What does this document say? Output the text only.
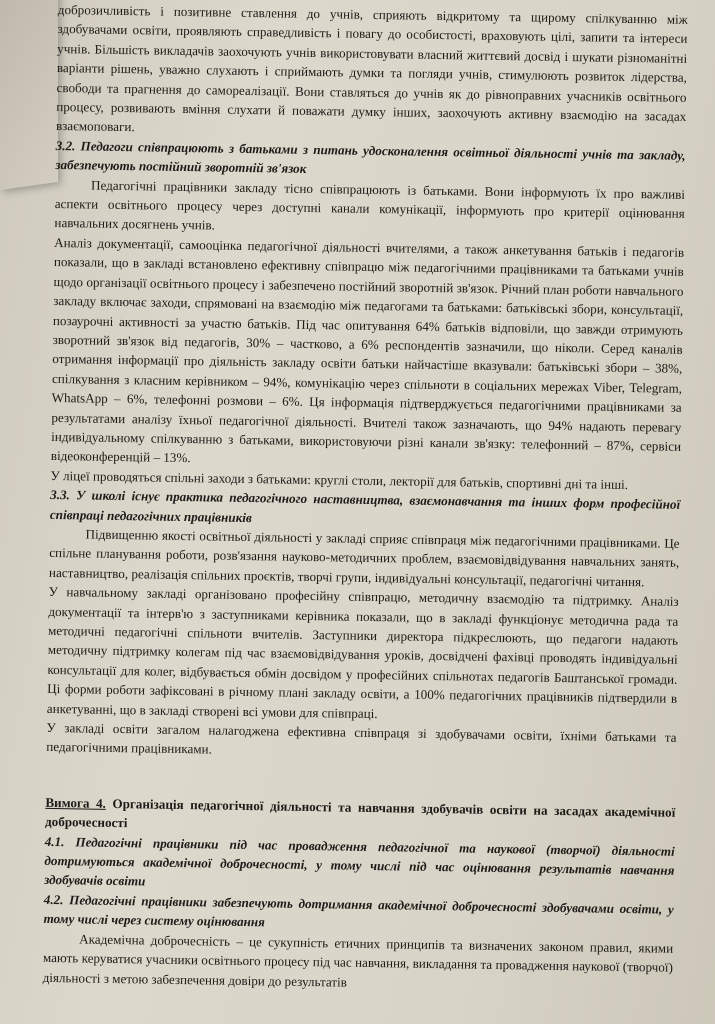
доброзичливість і позитивне ставлення до учнів, сприяють відкритому та щирому спілкуванню між здобувачами освіти, проявляють справедливість і повагу до особистості, враховують цілі, запити та інтереси учнів. Більшість викладачів заохочують учнів використовувати власний життєвий досвід і шукати різноманітні варіанти рішень, уважно слухають і сприймають думки та погляди учнів, стимулюють розвиток лідерства, свободи та прагнення до самореалізації. Вони ставляться до учнів як до рівноправних учасників освітнього процесу, розвивають вміння слухати й поважати думку інших, заохочують активну взаємодію на засадах взаємоповаги.

3.2. Педагоги співпрацюють з батьками з питань удосконалення освітньої діяльності учнів та закладу, забезпечують постійний зворотній зв'язок

Педагогічні працівники закладу тісно співпрацюють із батьками. Вони інформують їх про важливі аспекти освітнього процесу через доступні канали комунікації, інформують про критерії оцінювання навчальних досягнень учнів.

Аналіз документації, самооцінка педагогічної діяльності вчителями, а також анкетування батьків і педагогів показали, що в закладі встановлено ефективну співпрацю між педагогічними працівниками та батьками учнів щодо організації освітнього процесу і забезпечено постійний зворотній зв'язок. Річний план роботи навчального закладу включає заходи, спрямовані на взаємодію між педагогами та батьками: батьківські збори, консультації, позаурочні активності за участю батьків. Під час опитування 64% батьків відповіли, що завжди отримують зворотний зв'язок від педагогів, 30% – частково, а 6% респондентів зазначили, що ніколи. Серед каналів отримання інформації про діяльність закладу освіти батьки найчастіше вказували: батьківські збори – 38%, спілкування з класним керівником – 94%, комунікацію через спільноти в соціальних мережах Viber, Telegram, WhatsApp – 6%, телефонні розмови – 6%. Ця інформація підтверджується педагогічними працівниками за результатами аналізу їхньої педагогічної діяльності. Вчителі також зазначають, що 94% надають перевагу індивідуальному спілкуванню з батьками, використовуючи різні канали зв'язку: телефонний – 87%, сервіси відеоконференцій – 13%.

У ліцеї проводяться спільні заходи з батьками: круглі столи, лекторії для батьків, спортивні дні та інші.

3.3. У школі існує практика педагогічного наставництва, взаємонавчання та інших форм професійної співпраці педагогічних працівників

Підвищенню якості освітньої діяльності у закладі сприяє співпраця між педагогічними працівниками. Це спільне планування роботи, розв'язання науково-методичних проблем, взаємовідвідування навчальних занять, наставництво, реалізація спільних проєктів, творчі групи, індивідуальні консультації, педагогічні читання.

У навчальному закладі організовано професійну співпрацю, методичну взаємодію та підтримку. Аналіз документації та інтерв'ю з заступниками керівника показали, що в закладі функціонує методична рада та методичні педагогічні спільноти вчителів. Заступники директора підкреслюють, що педагоги надають методичну підтримку колегам під час взаємовідвідування уроків, досвідчені фахівці проводять індивідуальні консультації для колег, відбувається обмін досвідом у професійних спільнотах педагогів Баштанської громади. Ці форми роботи зафіксовані в річному плані закладу освіти, а 100% педагогічних працівників підтвердили в анкетуванні, що в закладі створені всі умови для співпраці.

У закладі освіти загалом налагоджена ефективна співпраця зі здобувачами освіти, їхніми батьками та педагогічними працівниками.

Вимога 4. Організація педагогічної діяльності та навчання здобувачів освіти на засадах академічної доброчесності

4.1. Педагогічні працівники під час провадження педагогічної та наукової (творчої) діяльності дотримуються академічної доброчесності, у тому числі під час оцінювання результатів навчання здобувачів освіти

4.2. Педагогічні працівники забезпечують дотримання академічної доброчесності здобувачами освіти, у тому числі через систему оцінювання

Академічна доброчесність – це сукупність етичних принципів та визначених законом правил, якими мають керуватися учасники освітнього процесу під час навчання, викладання та провадження наукової (творчої) діяльності з метою забезпечення довіри до результатів
